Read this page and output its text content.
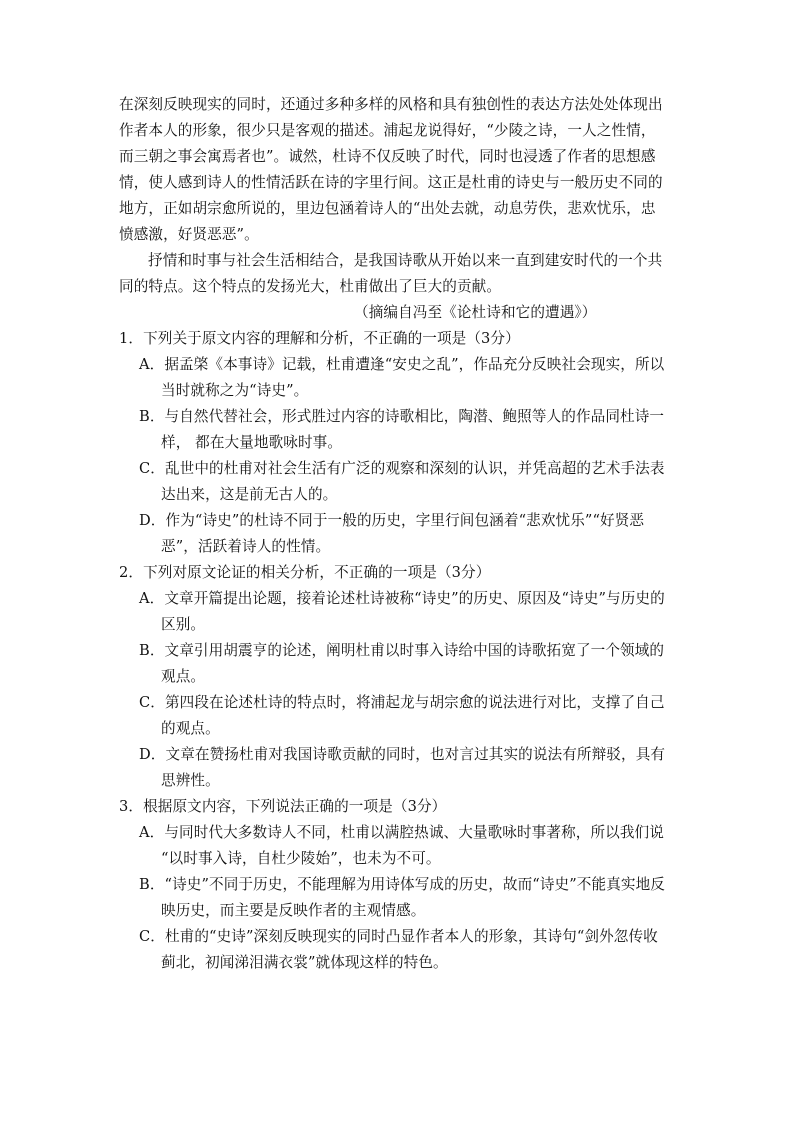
在深刻反映现实的同时，还通过多种多样的风格和具有独创性的表达方法处处体现出
作者本人的形象，很少只是客观的描述。浦起龙说得好，“少陵之诗，一人之性情，
而三朝之事会寓焉者也”。诚然，杜诗不仅反映了时代，同时也浸透了作者的思想感
情，使人感到诗人的性情活跃在诗的字里行间。这正是杜甫的诗史与一般历史不同的
地方，正如胡宗愈所说的，里边包涵着诗人的“出处去就，动息劳佚，悲欢忧乐，忠
愤感激，好贤恶恶”。
抒情和时事与社会生活相结合，是我国诗歌从开始以来一直到建安时代的一个共
同的特点。这个特点的发扬光大，杜甫做出了巨大的贡献。
（摘编自冯至《论杜诗和它的遭遇》）
1．下列关于原文内容的理解和分析，不正确的一项是（3分）
A．据孟棨《本事诗》记载，杜甫遭逢“安史之乱”，作品充分反映社会现实，所以
当时就称之为“诗史”。
B．与自然代替社会，形式胜过内容的诗歌相比，陶潜、鲍照等人的作品同杜诗一
样， 都在大量地歌咏时事。
C．乱世中的杜甫对社会生活有广泛的观察和深刻的认识，并凭高超的艺术手法表
达出来，这是前无古人的。
D．作为“诗史”的杜诗不同于一般的历史，字里行间包涵着“悲欢忧乐”“好贤恶
恶”，活跃着诗人的性情。
2．下列对原文论证的相关分析，不正确的一项是（3分）
A．文章开篇提出论题，接着论述杜诗被称“诗史”的历史、原因及“诗史”与历史的
区别。
B．文章引用胡震亨的论述，阐明杜甫以时事入诗给中国的诗歌拓宽了一个领域的
观点。
C．第四段在论述杜诗的特点时，将浦起龙与胡宗愈的说法进行对比，支撑了自己
的观点。
D．文章在赞扬杜甫对我国诗歌贡献的同时，也对言过其实的说法有所辩驳，具有
思辨性。
3．根据原文内容，下列说法正确的一项是（3分）
A．与同时代大多数诗人不同，杜甫以满腔热诚、大量歌咏时事著称，所以我们说
“以时事入诗，自杜少陵始”，也未为不可。
B．“诗史”不同于历史，不能理解为用诗体写成的历史，故而“诗史”不能真实地反
映历史，而主要是反映作者的主观情感。
C．杜甫的“史诗”深刻反映现实的同时凸显作者本人的形象，其诗句“剑外忽传收
蓟北，初闻涕泪满衣裳”就体现这样的特色。
